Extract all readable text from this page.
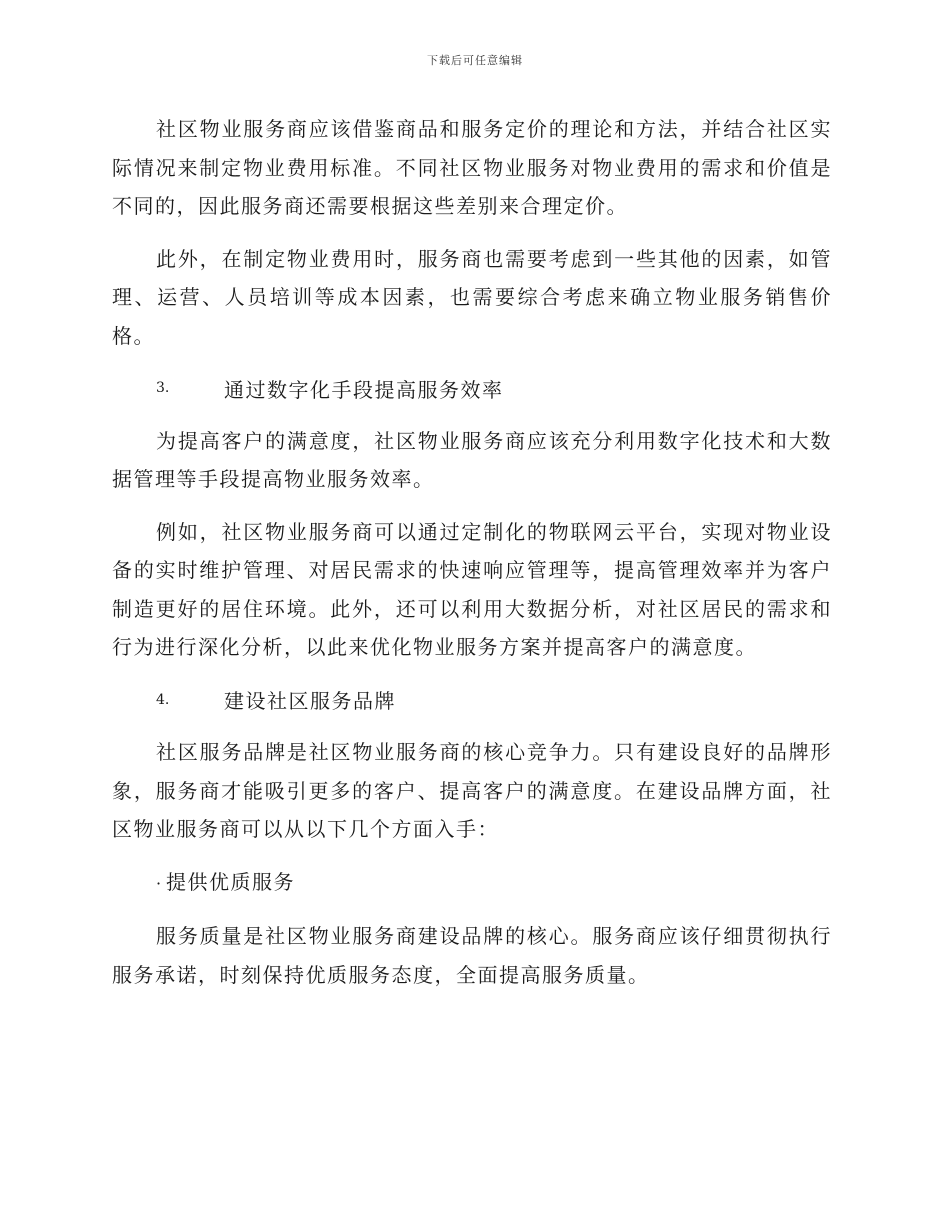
下载后可任意编辑

社区物业服务商应该借鉴商品和服务定价的理论和方法，并结合社区实际情况来制定物业费用标准。不同社区物业服务对物业费用的需求和价值是不同的，因此服务商还需要根据这些差别来合理定价。

此外，在制定物业费用时，服务商也需要考虑到一些其他的因素，如管理、运营、人员培训等成本因素，也需要综合考虑来确立物业服务销售价格。

3.	通过数字化手段提高服务效率

为提高客户的满意度，社区物业服务商应该充分利用数字化技术和大数据管理等手段提高物业服务效率。

例如，社区物业服务商可以通过定制化的物联网云平台，实现对物业设备的实时维护管理、对居民需求的快速响应管理等，提高管理效率并为客户制造更好的居住环境。此外，还可以利用大数据分析，对社区居民的需求和行为进行深化分析，以此来优化物业服务方案并提高客户的满意度。

4.	建设社区服务品牌

社区服务品牌是社区物业服务商的核心竞争力。只有建设良好的品牌形象，服务商才能吸引更多的客户、提高客户的满意度。在建设品牌方面，社区物业服务商可以从以下几个方面入手：

· 提供优质服务

服务质量是社区物业服务商建设品牌的核心。服务商应该仔细贯彻执行服务承诺，时刻保持优质服务态度，全面提高服务质量。
